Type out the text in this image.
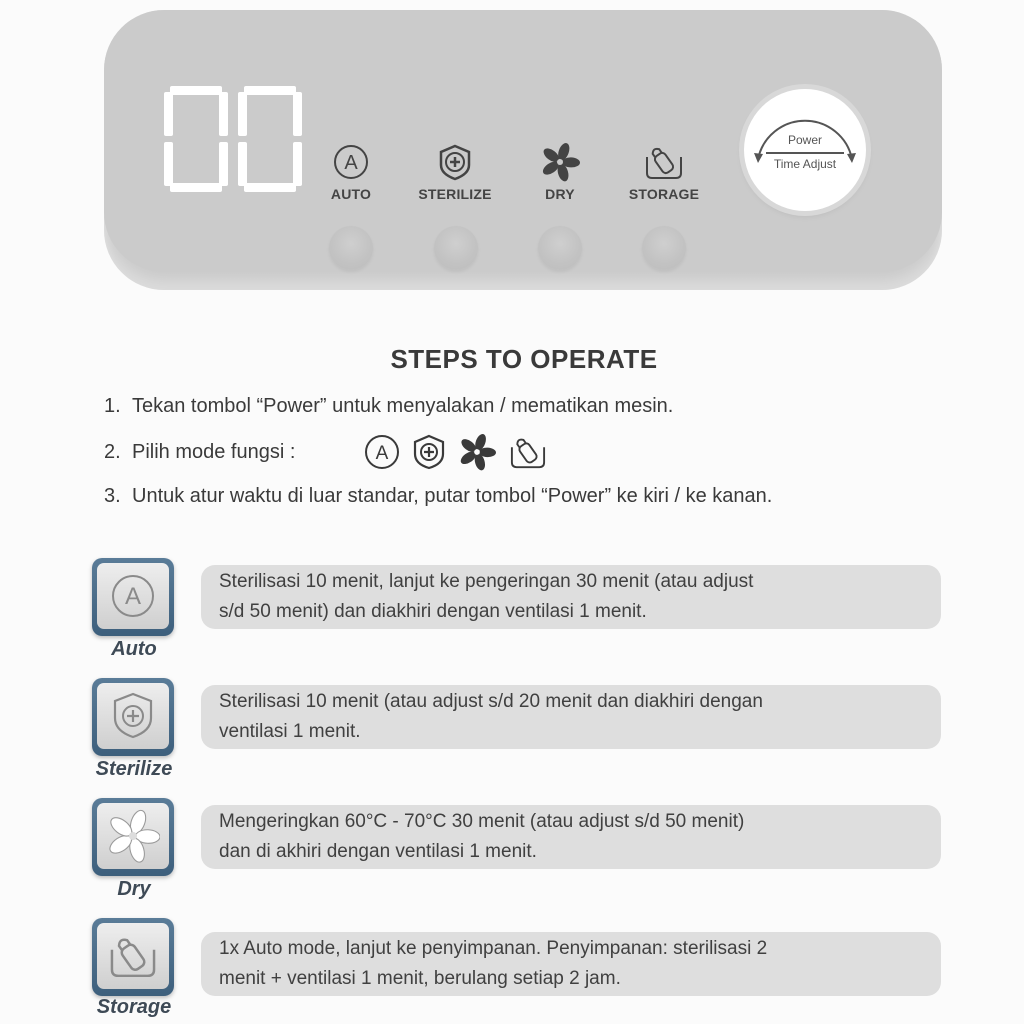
A
AUTO	STERILIZE	DRY	STORAGE
Power
Time Adjust
STEPS TO OPERATE
1. Tekan tombol “Power” untuk menyalakan / mematikan mesin.
2. Pilih mode fungsi :	A
3. Untuk atur waktu di luar standar, putar tombol “Power” ke kiri / ke kanan.
A
Auto
Sterilisasi 10 menit, lanjut ke pengeringan 30 menit (atau adjust
s/d 50 menit) dan diakhiri dengan ventilasi 1 menit.
Sterilize
Sterilisasi 10 menit (atau adjust s/d 20 menit dan diakhiri dengan
ventilasi 1 menit.
Dry
Mengeringkan 60°C - 70°C 30 menit (atau adjust s/d 50 menit)
dan di akhiri dengan ventilasi 1 menit.
Storage
1x Auto mode, lanjut ke penyimpanan. Penyimpanan: sterilisasi 2
menit + ventilasi 1 menit, berulang setiap 2 jam.
